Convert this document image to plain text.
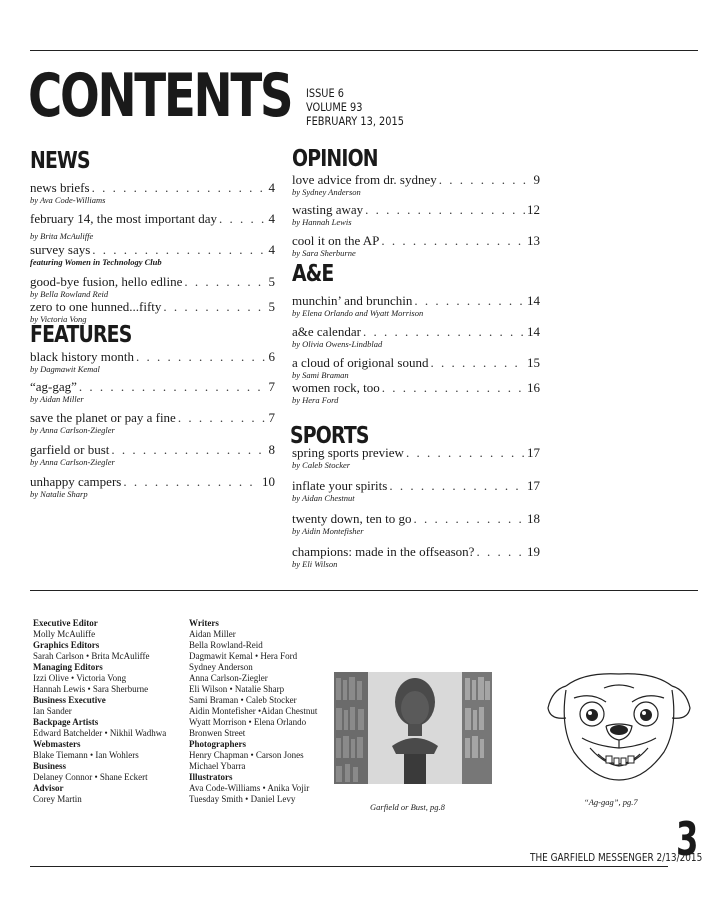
CONTENTS ISSUE 6
VOLUME 93
FEBRUARY 13, 2015
NEWS
news briefs . . .	4
by Ava Code-Williams
february 14, the most important day . . .	4
by Brita McAuliffe
survey says . . .	4
featuring Women in Technology Club
good-bye fusion, hello edline . . .	5
by Bella Rowland Reid
zero to one hunned...fifty . . .	5
by Victoria Vong
FEATURES
black history month . . .	6
by Dagmawit Kemal
“ag-gag” . . .	7
by Aidan Miller
save the planet or pay a fine . . .	7
by Anna Carlson-Ziegler
garfield or bust . . .	8
by Anna Carlson-Ziegler
unhappy campers . . .	10
by Natalie Sharp
OPINION
love advice from dr. sydney . . .	9
by Sydney Anderson
wasting away . . .	12
by Hannah Lewis
cool it on the AP . . .	13
by Sara Sherburne
A&E
munchin’ and brunchin . . .	14
by Elena Orlando and Wyatt Morrison
a&e calendar . . .	14
by Olivia Owens-Lindblad
a cloud of origional sound . . .	15
by Sami Braman
women rock, too . . .	16
by Hera Ford
SPORTS
spring sports preview . . .	17
by Caleb Stocker
inflate your spirits . . .	17
by Aidan Chestnut
twenty down, ten to go . . .	18
by Aidin Montefisher
champions: made in the offseason? . . .	19
by Eli Wilson
Executive Editor
Molly McAuliffe
Graphics Editors
Sarah Carlson • Brita McAuliffe
Managing Editors
Izzi Olive • Victoria Vong
Hannah Lewis • Sara Sherburne
Business Executive
Ian Sander
Backpage Artists
Edward Batchelder • Nikhil Wadhwa
Webmasters
Blake Tiemann • Ian Wohlers
Business
Delaney Connor • Shane Eckert
Advisor
Corey Martin
Writers
Aidan Miller
Bella Rowland-Reid
Dagmawit Kemal • Hera Ford
Sydney Anderson
Anna Carlson-Ziegler
Eli Wilson • Natalie Sharp
Sami Braman • Caleb Stocker
Aidin Montefisher •Aidan Chestnut
Wyatt Morrison • Elena Orlando
Bronwen Street
Photographers
Henry Chapman • Carson Jones
Michael Ybarra
Illustrators
Ava Code-Williams • Anika Vojir
Tuesday Smith • Daniel Levy
Garfield or Bust, pg.8	“Ag-gag”, pg.7
THE GARFIELD MESSENGER 2/13/2015
3
